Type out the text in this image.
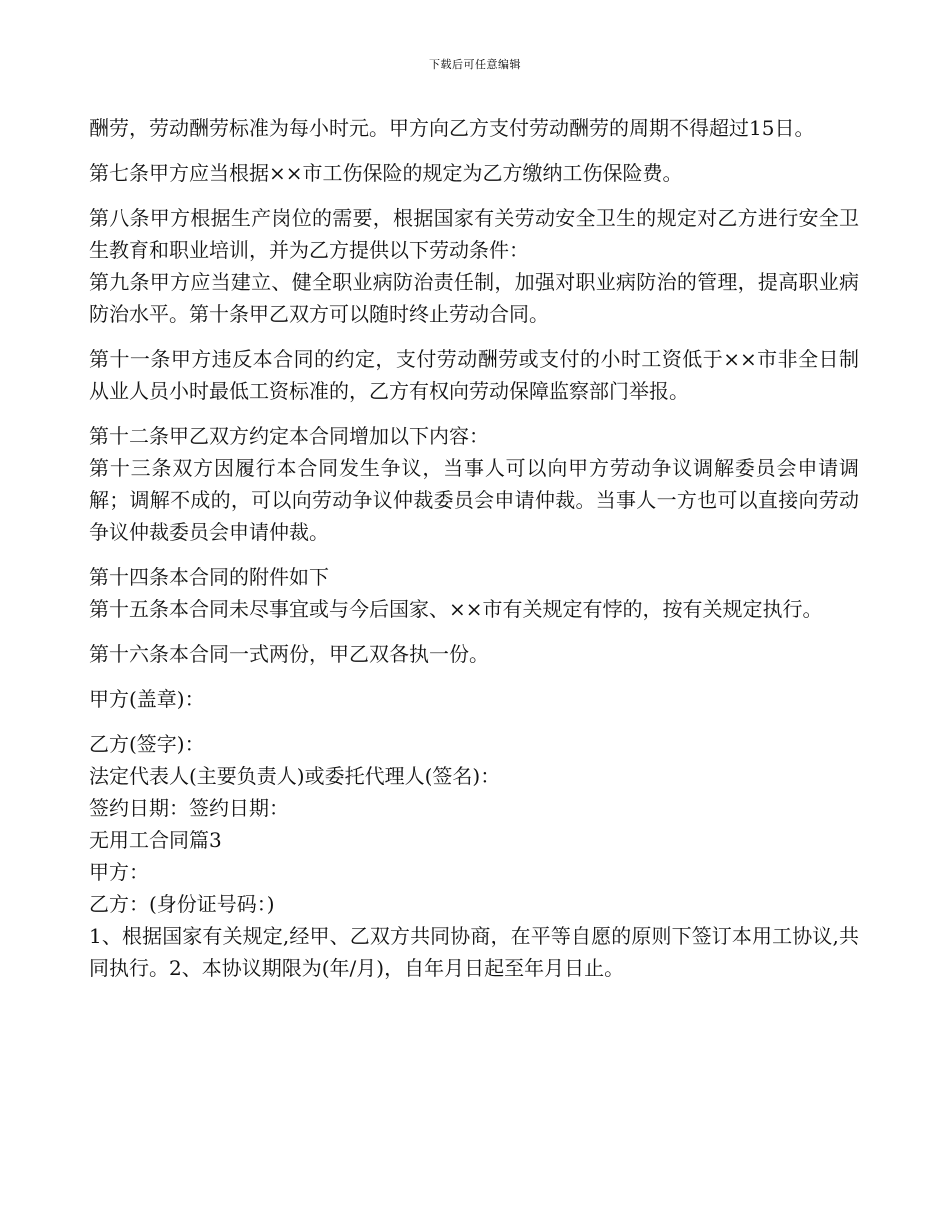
下载后可任意编辑

酬劳，劳动酬劳标准为每小时元。甲方向乙方支付劳动酬劳的周期不得超过15日。

第七条甲方应当根据××市工伤保险的规定为乙方缴纳工伤保险费。

第八条甲方根据生产岗位的需要，根据国家有关劳动安全卫生的规定对乙方进行安全卫生教育和职业培训，并为乙方提供以下劳动条件：

第九条甲方应当建立、健全职业病防治责任制，加强对职业病防治的管理，提高职业病防治水平。第十条甲乙双方可以随时终止劳动合同。

第十一条甲方违反本合同的约定，支付劳动酬劳或支付的小时工资低于××市非全日制从业人员小时最低工资标准的，乙方有权向劳动保障监察部门举报。

第十二条甲乙双方约定本合同增加以下内容：

第十三条双方因履行本合同发生争议，当事人可以向甲方劳动争议调解委员会申请调解；调解不成的，可以向劳动争议仲裁委员会申请仲裁。当事人一方也可以直接向劳动争议仲裁委员会申请仲裁。

第十四条本合同的附件如下

第十五条本合同未尽事宜或与今后国家、××市有关规定有悖的，按有关规定执行。

第十六条本合同一式两份，甲乙双各执一份。

甲方(盖章)：

乙方(签字)：

法定代表人(主要负责人)或委托代理人(签名)：

签约日期：签约日期：

无用工合同篇3

甲方：

乙方：(身份证号码：)

1、根据国家有关规定,经甲、乙双方共同协商，在平等自愿的原则下签订本用工协议,共同执行。2、本协议期限为(年/月)，自年月日起至年月日止。
